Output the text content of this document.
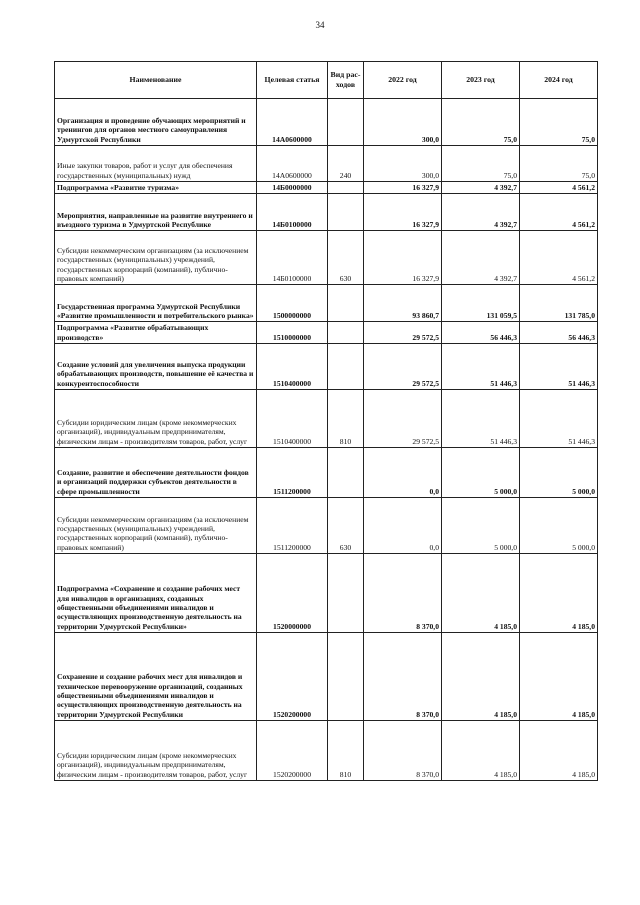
34
Наименование	Целевая статья	Вид рас-ходов	2022 год	2023 год	2024 год
Организация и проведение обучающих мероприятий и тренингов для органов местного самоуправления Удмуртской Республики	14А0600000		300,0	75,0	75,0
Иные закупки товаров, работ и услуг для обеспечения государственных (муниципальных) нужд	14А0600000	240	300,0	75,0	75,0
Подпрограмма «Развитие туризма»	14Б0000000		16 327,9	4 392,7	4 561,2
Мероприятия, направленные на развитие внутреннего и въездного туризма в Удмуртской Республике	14Б0100000		16 327,9	4 392,7	4 561,2
Субсидии некоммерческим организациям (за исключением государственных (муниципальных) учреждений, государственных корпораций (компаний), публично-правовых компаний)	14Б0100000	630	16 327,9	4 392,7	4 561,2
Государственная программа Удмуртской Республики «Развитие промышленности и потребительского рынка»	1500000000		93 860,7	131 059,5	131 785,0
Подпрограмма «Развитие обрабатывающих производств»	1510000000		29 572,5	56 446,3	56 446,3
Создание условий для увеличения выпуска продукции обрабатывающих производств, повышение её качества и конкурентоспособности	1510400000		29 572,5	51 446,3	51 446,3
Субсидии юридическим лицам (кроме некоммерческих организаций), индивидуальным предпринимателям, физическим лицам - производителям товаров, работ, услуг	1510400000	810	29 572,5	51 446,3	51 446,3
Создание, развитие и обеспечение деятельности фондов и организаций поддержки субъектов деятельности в сфере промышленности	1511200000		0,0	5 000,0	5 000,0
Субсидии некоммерческим организациям (за исключением государственных (муниципальных) учреждений, государственных корпораций (компаний), публично-правовых компаний)	1511200000	630	0,0	5 000,0	5 000,0
Подпрограмма «Сохранение и создание рабочих мест для инвалидов в организациях, созданных общественными объединениями инвалидов и осуществляющих производственную деятельность на территории Удмуртской Республики»	1520000000		8 370,0	4 185,0	4 185,0
Сохранение и создание рабочих мест для инвалидов и техническое перевооружение организаций, созданных общественными объединениями инвалидов и осуществляющих производственную деятельность на территории Удмуртской Республики	1520200000		8 370,0	4 185,0	4 185,0
Субсидии юридическим лицам (кроме некоммерческих организаций), индивидуальным предпринимателям, физическим лицам - производителям товаров, работ, услуг	1520200000	810	8 370,0	4 185,0	4 185,0
